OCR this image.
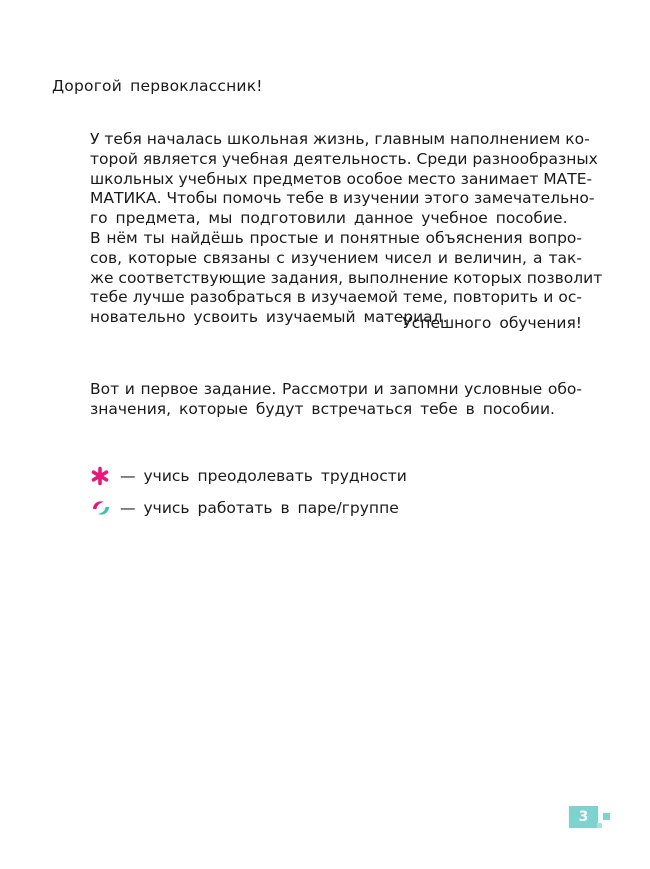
Дорогой первоклассник!
У тебя началась школьная жизнь, главным наполнением ко-
торой является учебная деятельность. Среди разнообразных
школьных учебных предметов особое место занимает МАТЕ-
МАТИКА. Чтобы помочь тебе в изучении этого замечательно-
го предмета, мы подготовили данное учебное пособие.
В нём ты найдёшь простые и понятные объяснения вопро-
сов, которые связаны с изучением чисел и величин, а так-
же соответствующие задания, выполнение которых позволит
тебе лучше разобраться в изучаемой теме, повторить и ос-
новательно усвоить изучаемый материал.
Успешного обучения!
Вот и первое задание. Рассмотри и запомни условные обо-
значения, которые будут встречаться тебе в пособии.
— учись преодолевать трудности
— учись работать в паре/группе
3
